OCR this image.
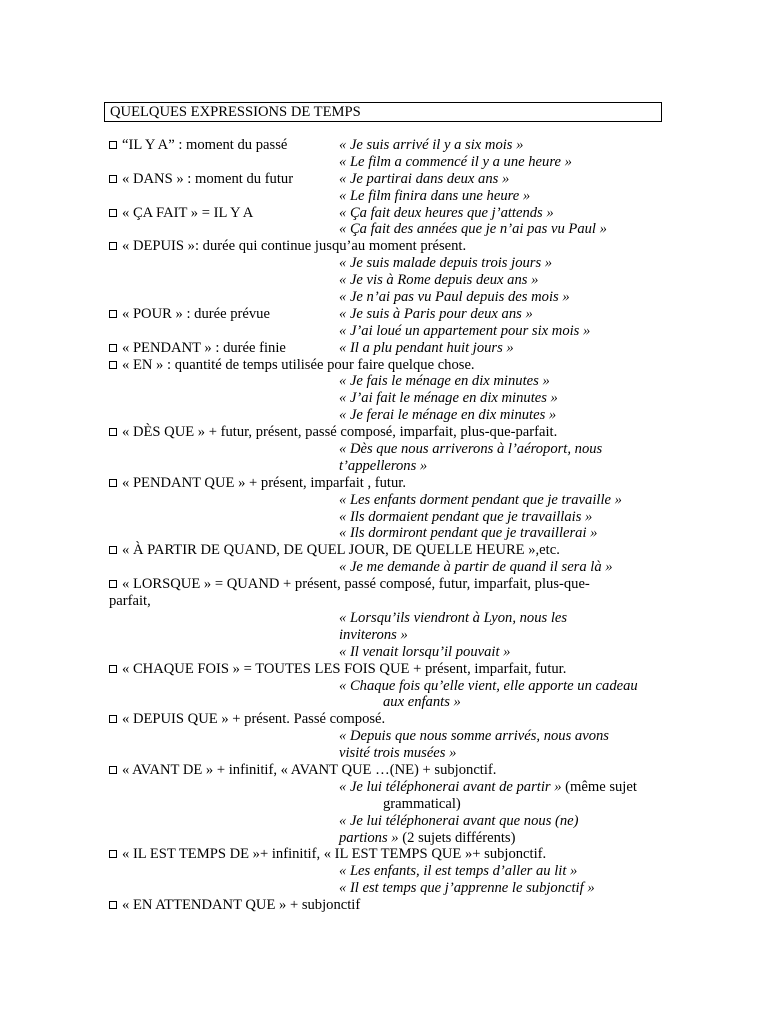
QUELQUES EXPRESSIONS DE TEMPS
“IL Y A” : moment du passé	« Je suis arrivé il y a six mois »
« Le film a commencé il y a une heure »
« DANS » : moment du futur	« Je partirai dans deux ans »
« Le film finira dans une heure »
« ÇA FAIT » = IL Y A	« Ça fait deux heures que j’attends »
« Ça fait des années que je n’ai pas vu Paul »
« DEPUIS »: durée qui continue jusqu’au moment présent.
« Je suis malade depuis trois jours »
« Je vis à Rome depuis deux ans »
« Je n’ai pas vu Paul depuis des mois »
« POUR » : durée prévue	« Je suis à Paris pour deux ans »
« J’ai loué un appartement pour six mois »
« PENDANT » : durée finie	« Il a plu pendant huit jours »
« EN » : quantité de temps utilisée pour faire quelque chose.
« Je fais le ménage en dix minutes »
« J’ai fait le ménage en dix minutes »
« Je ferai le ménage en dix minutes »
« DÈS QUE » + futur, présent, passé composé, imparfait, plus-que-parfait.
« Dès que nous arriverons à l’aéroport, nous
t’appellerons »
« PENDANT QUE » + présent, imparfait , futur.
« Les enfants dorment pendant que je travaille »
« Ils dormaient pendant que je travaillais »
« Ils dormiront pendant que je travaillerai »
« À PARTIR DE QUAND, DE QUEL JOUR, DE QUELLE HEURE »,etc.
« Je me demande à partir de quand il sera là »
« LORSQUE » = QUAND + présent, passé composé, futur, imparfait, plus-que-
parfait,
« Lorsqu’ils viendront à Lyon, nous les
inviterons »
« Il venait lorsqu’il pouvait »
« CHAQUE FOIS » = TOUTES LES FOIS QUE + présent, imparfait, futur.
« Chaque fois qu’elle vient, elle apporte un cadeau
aux enfants »
« DEPUIS QUE » + présent. Passé composé.
« Depuis que nous somme arrivés, nous avons
visité trois musées »
« AVANT DE » + infinitif, « AVANT QUE …(NE) + subjonctif.
« Je lui téléphonerai avant de partir » (même sujet
grammatical)
« Je lui téléphonerai avant que nous (ne)
partions » (2 sujets différents)
« IL EST TEMPS DE »+ infinitif, « IL EST TEMPS QUE »+ subjonctif.
« Les enfants, il est temps d’aller au lit »
« Il est temps que j’apprenne le subjonctif »
« EN ATTENDANT QUE » + subjonctif
